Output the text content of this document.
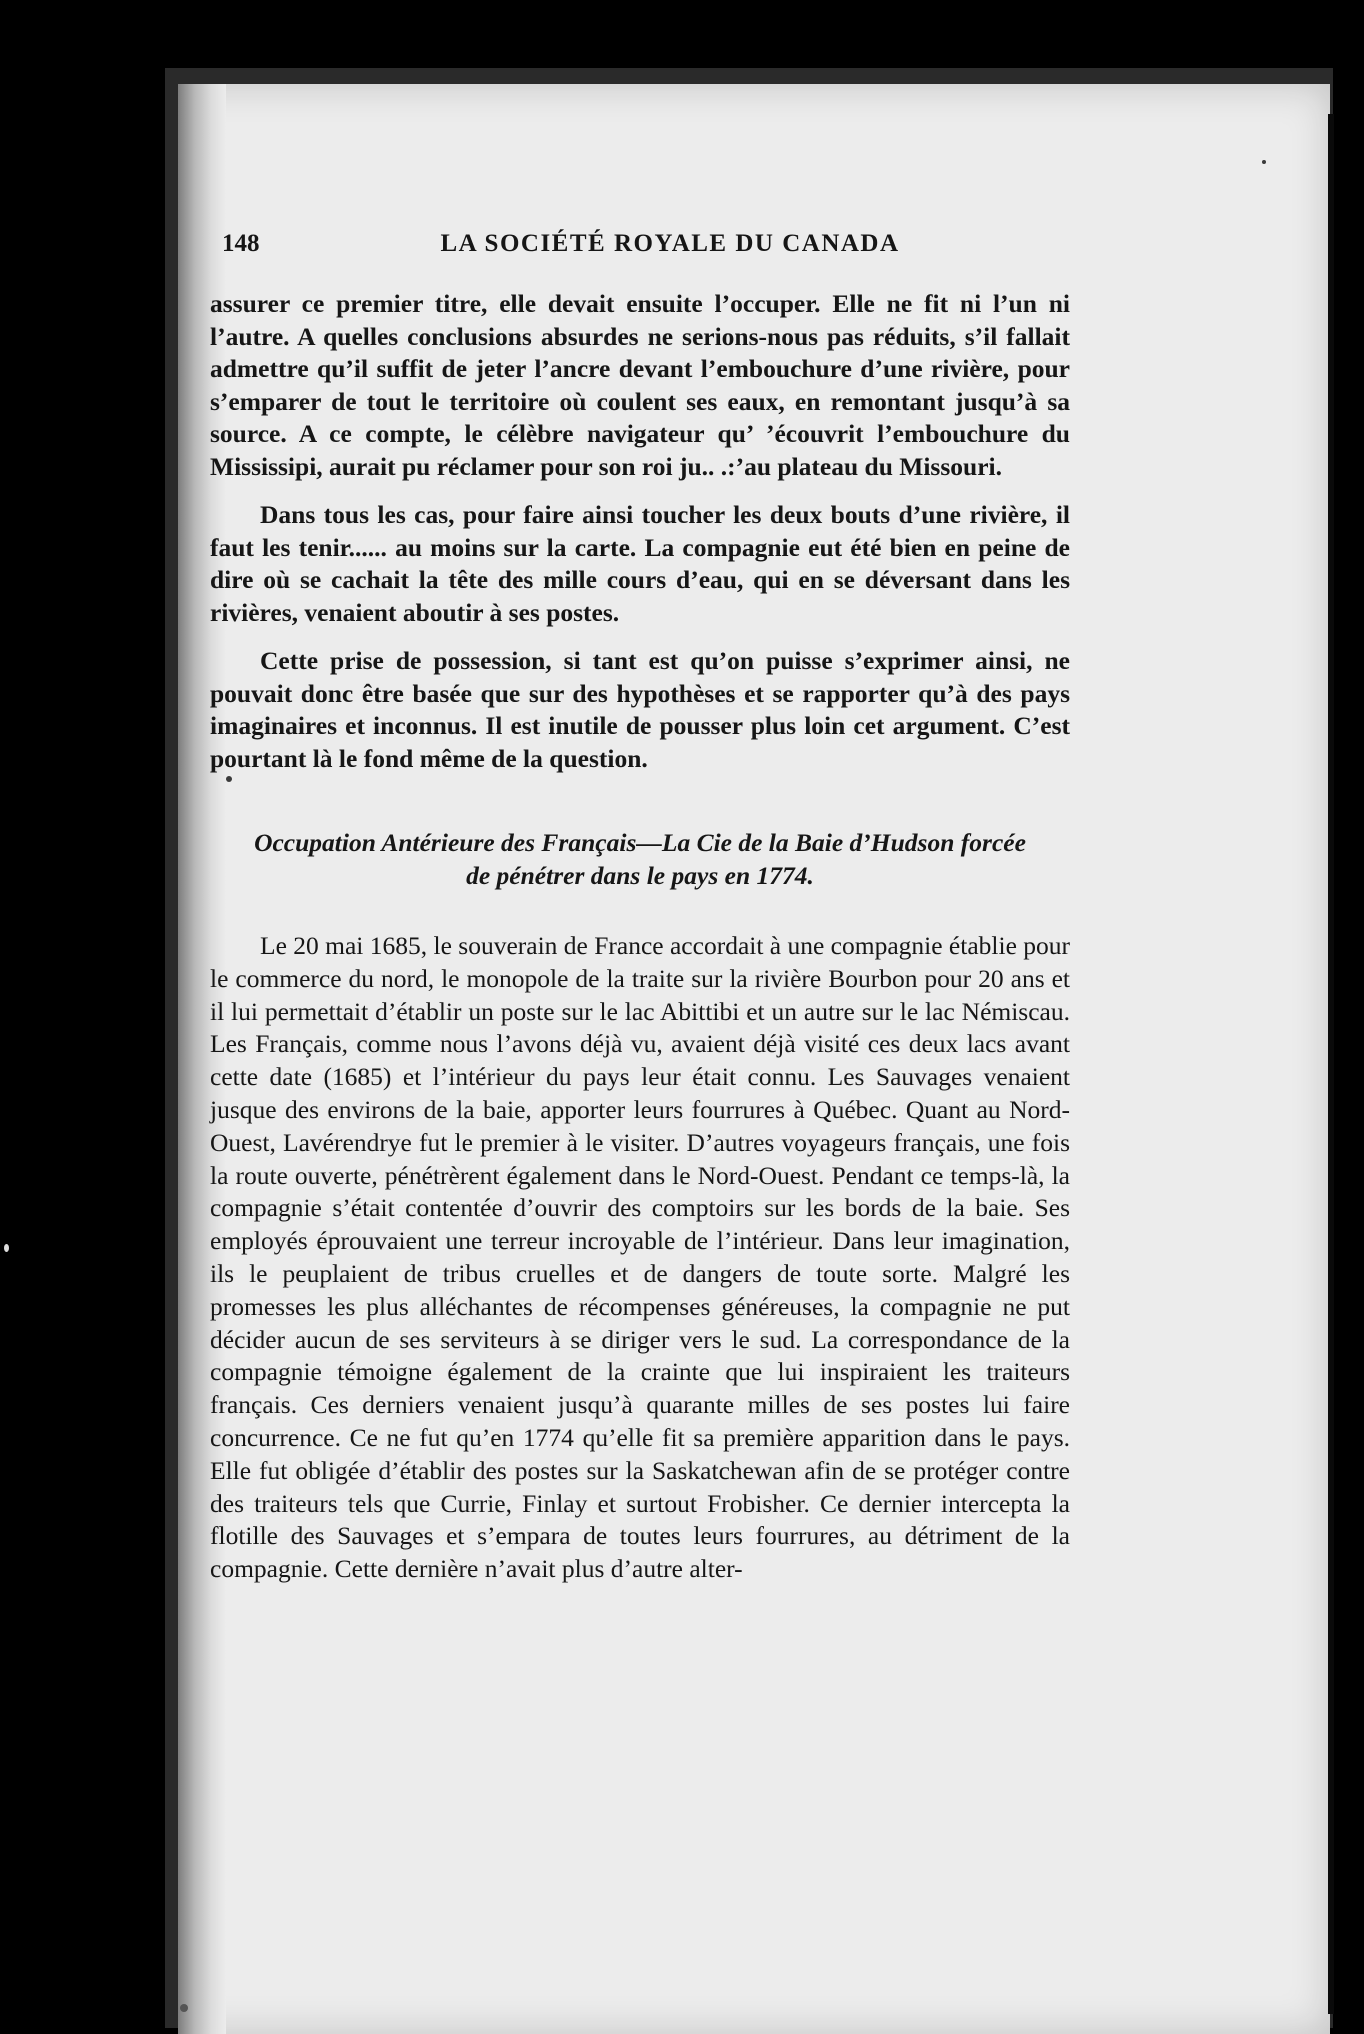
148	LA SOCIÉTÉ ROYALE DU CANADA

assurer ce premier titre, elle devait ensuite l’occuper. Elle ne fit ni l’un ni l’autre. A quelles conclusions absurdes ne serions-nous pas réduits, s’il fallait admettre qu’il suffit de jeter l’ancre devant l’embouchure d’une rivière, pour s’emparer de tout le territoire où coulent ses eaux, en remontant jusqu’à sa source. A ce compte, le célèbre navigateur qu’ ’écouvrit l’embouchure du Mississipi, aurait pu réclamer pour son roi ju.. .:’au plateau du Missouri.

Dans tous les cas, pour faire ainsi toucher les deux bouts d’une rivière, il faut les tenir...... au moins sur la carte. La compagnie eut été bien en peine de dire où se cachait la tête des mille cours d’eau, qui en se déversant dans les rivières, venaient aboutir à ses postes.

Cette prise de possession, si tant est qu’on puisse s’exprimer ainsi, ne pouvait donc être basée que sur des hypothèses et se rapporter qu’à des pays imaginaires et inconnus. Il est inutile de pousser plus loin cet argument. C’est pourtant là le fond même de la question.

Occupation Antérieure des Français—La Cie de la Baie d’Hudson forcée
de pénétrer dans le pays en 1774.

Le 20 mai 1685, le souverain de France accordait à une compagnie établie pour le commerce du nord, le monopole de la traite sur la rivière Bourbon pour 20 ans et il lui permettait d’établir un poste sur le lac Abittibi et un autre sur le lac Némiscau. Les Français, comme nous l’avons déjà vu, avaient déjà visité ces deux lacs avant cette date (1685) et l’intérieur du pays leur était connu. Les Sauvages venaient jusque des environs de la baie, apporter leurs fourrures à Québec. Quant au Nord-Ouest, Lavérendrye fut le premier à le visiter. D’autres voyageurs français, une fois la route ouverte, pénétrèrent également dans le Nord-Ouest. Pendant ce temps-là, la compagnie s’était contentée d’ouvrir des comptoirs sur les bords de la baie. Ses employés éprouvaient une terreur incroyable de l’intérieur. Dans leur imagination, ils le peuplaient de tribus cruelles et de dangers de toute sorte. Malgré les promesses les plus alléchantes de récompenses généreuses, la compagnie ne put décider aucun de ses serviteurs à se diriger vers le sud. La correspondance de la compagnie témoigne également de la crainte que lui inspiraient les traiteurs français. Ces derniers venaient jusqu’à quarante milles de ses postes lui faire concurrence. Ce ne fut qu’en 1774 qu’elle fit sa première apparition dans le pays. Elle fut obligée d’établir des postes sur la Saskatchewan afin de se protéger contre des traiteurs tels que Currie, Finlay et surtout Frobisher. Ce dernier intercepta la flotille des Sauvages et s’empara de toutes leurs fourrures, au détriment de la compagnie. Cette dernière n’avait plus d’autre alter-
